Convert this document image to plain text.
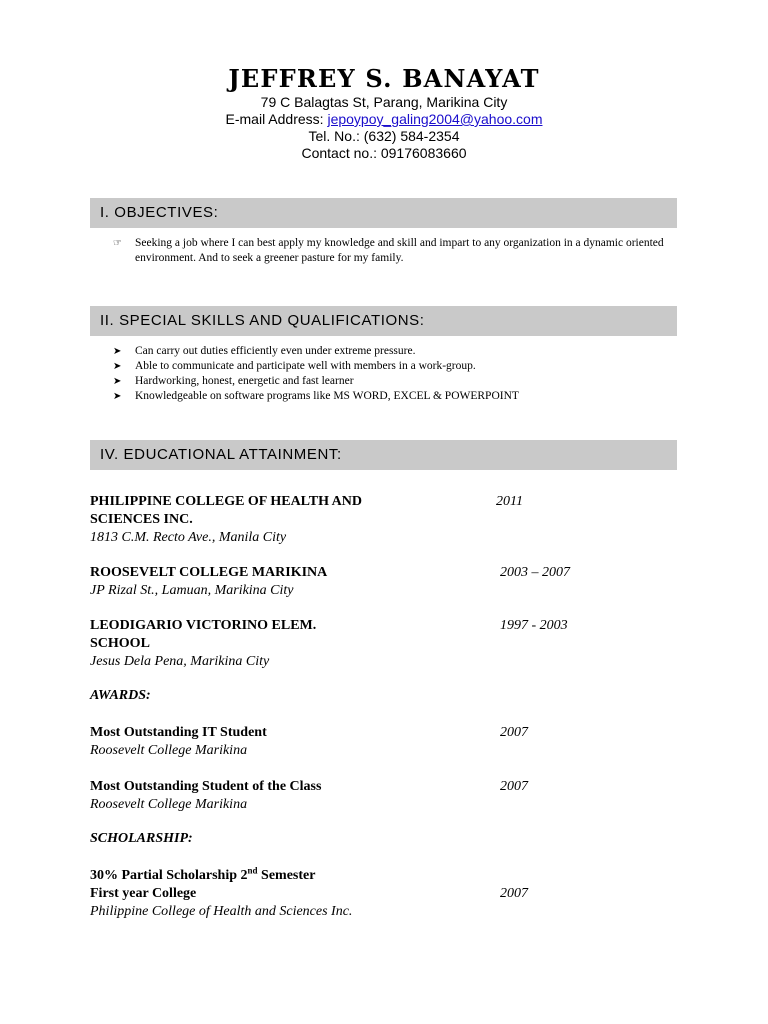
JEFFREY S. BANAYAT
79 C Balagtas St, Parang, Marikina City
E-mail Address: jepoypoy_galing2004@yahoo.com
Tel. No.: (632) 584-2354
Contact no.: 09176083660
I. OBJECTIVES:
☞ Seeking a job where I can best apply my knowledge and skill and impart to any organization in a dynamic oriented environment. And to seek a greener pasture for my family.
II. SPECIAL SKILLS AND QUALIFICATIONS:
➤ Can carry out duties efficiently even under extreme pressure.
➤ Able to communicate and participate well with members in a work-group.
➤ Hardworking, honest, energetic and fast learner
➤ Knowledgeable on software programs like MS WORD, EXCEL & POWERPOINT
IV. EDUCATIONAL ATTAINMENT:
PHILIPPINE COLLEGE OF HEALTH AND SCIENCES INC.
1813 C.M. Recto Ave., Manila City
2011
ROOSEVELT COLLEGE MARIKINA
JP Rizal St., Lamuan, Marikina City
2003 – 2007
LEODIGARIO VICTORINO ELEM. SCHOOL
Jesus Dela Pena, Marikina City
1997 - 2003
AWARDS:
Most Outstanding IT Student
Roosevelt College Marikina
2007
Most Outstanding Student of the Class
Roosevelt College Marikina
2007
SCHOLARSHIP:
30% Partial Scholarship 2nd Semester
First year College
Philippine College of Health and Sciences Inc.
2007
